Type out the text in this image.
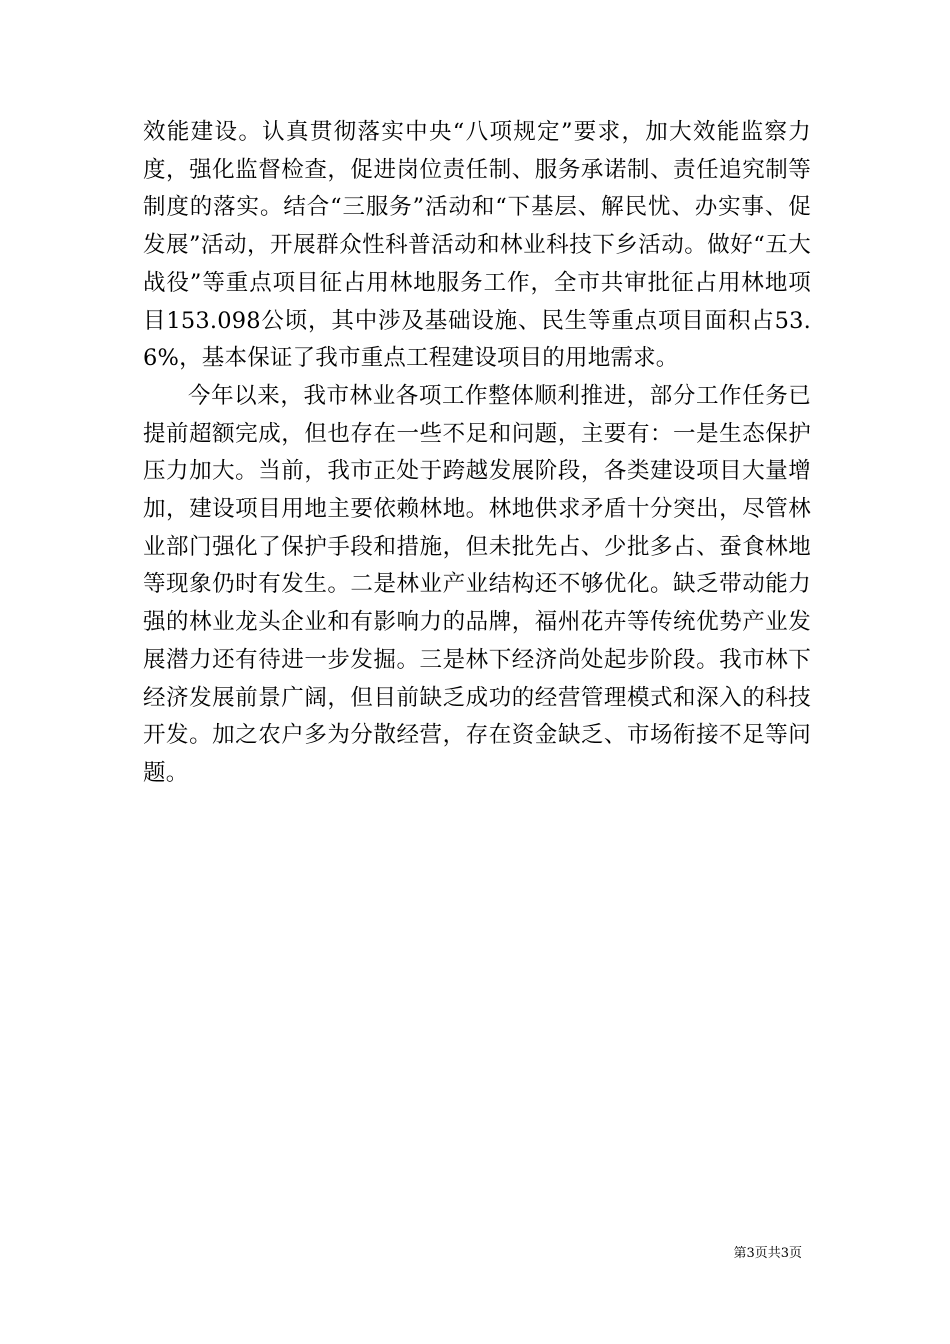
效能建设。认真贯彻落实中央“八项规定”要求，加大效能监察力度，强化监督检查，促进岗位责任制、服务承诺制、责任追究制等制度的落实。结合“三服务”活动和“下基层、解民忧、办实事、促发展”活动，开展群众性科普活动和林业科技下乡活动。做好“五大战役”等重点项目征占用林地服务工作，全市共审批征占用林地项目153.098公顷，其中涉及基础设施、民生等重点项目面积占53.6%，基本保证了我市重点工程建设项目的用地需求。

今年以来，我市林业各项工作整体顺利推进，部分工作任务已提前超额完成，但也存在一些不足和问题，主要有：一是生态保护压力加大。当前，我市正处于跨越发展阶段，各类建设项目大量增加，建设项目用地主要依赖林地。林地供求矛盾十分突出，尽管林业部门强化了保护手段和措施，但未批先占、少批多占、蚕食林地等现象仍时有发生。二是林业产业结构还不够优化。缺乏带动能力强的林业龙头企业和有影响力的品牌，福州花卉等传统优势产业发展潜力还有待进一步发掘。三是林下经济尚处起步阶段。我市林下经济发展前景广阔，但目前缺乏成功的经营管理模式和深入的科技开发。加之农户多为分散经营，存在资金缺乏、市场衔接不足等问题。

第3页共3页
